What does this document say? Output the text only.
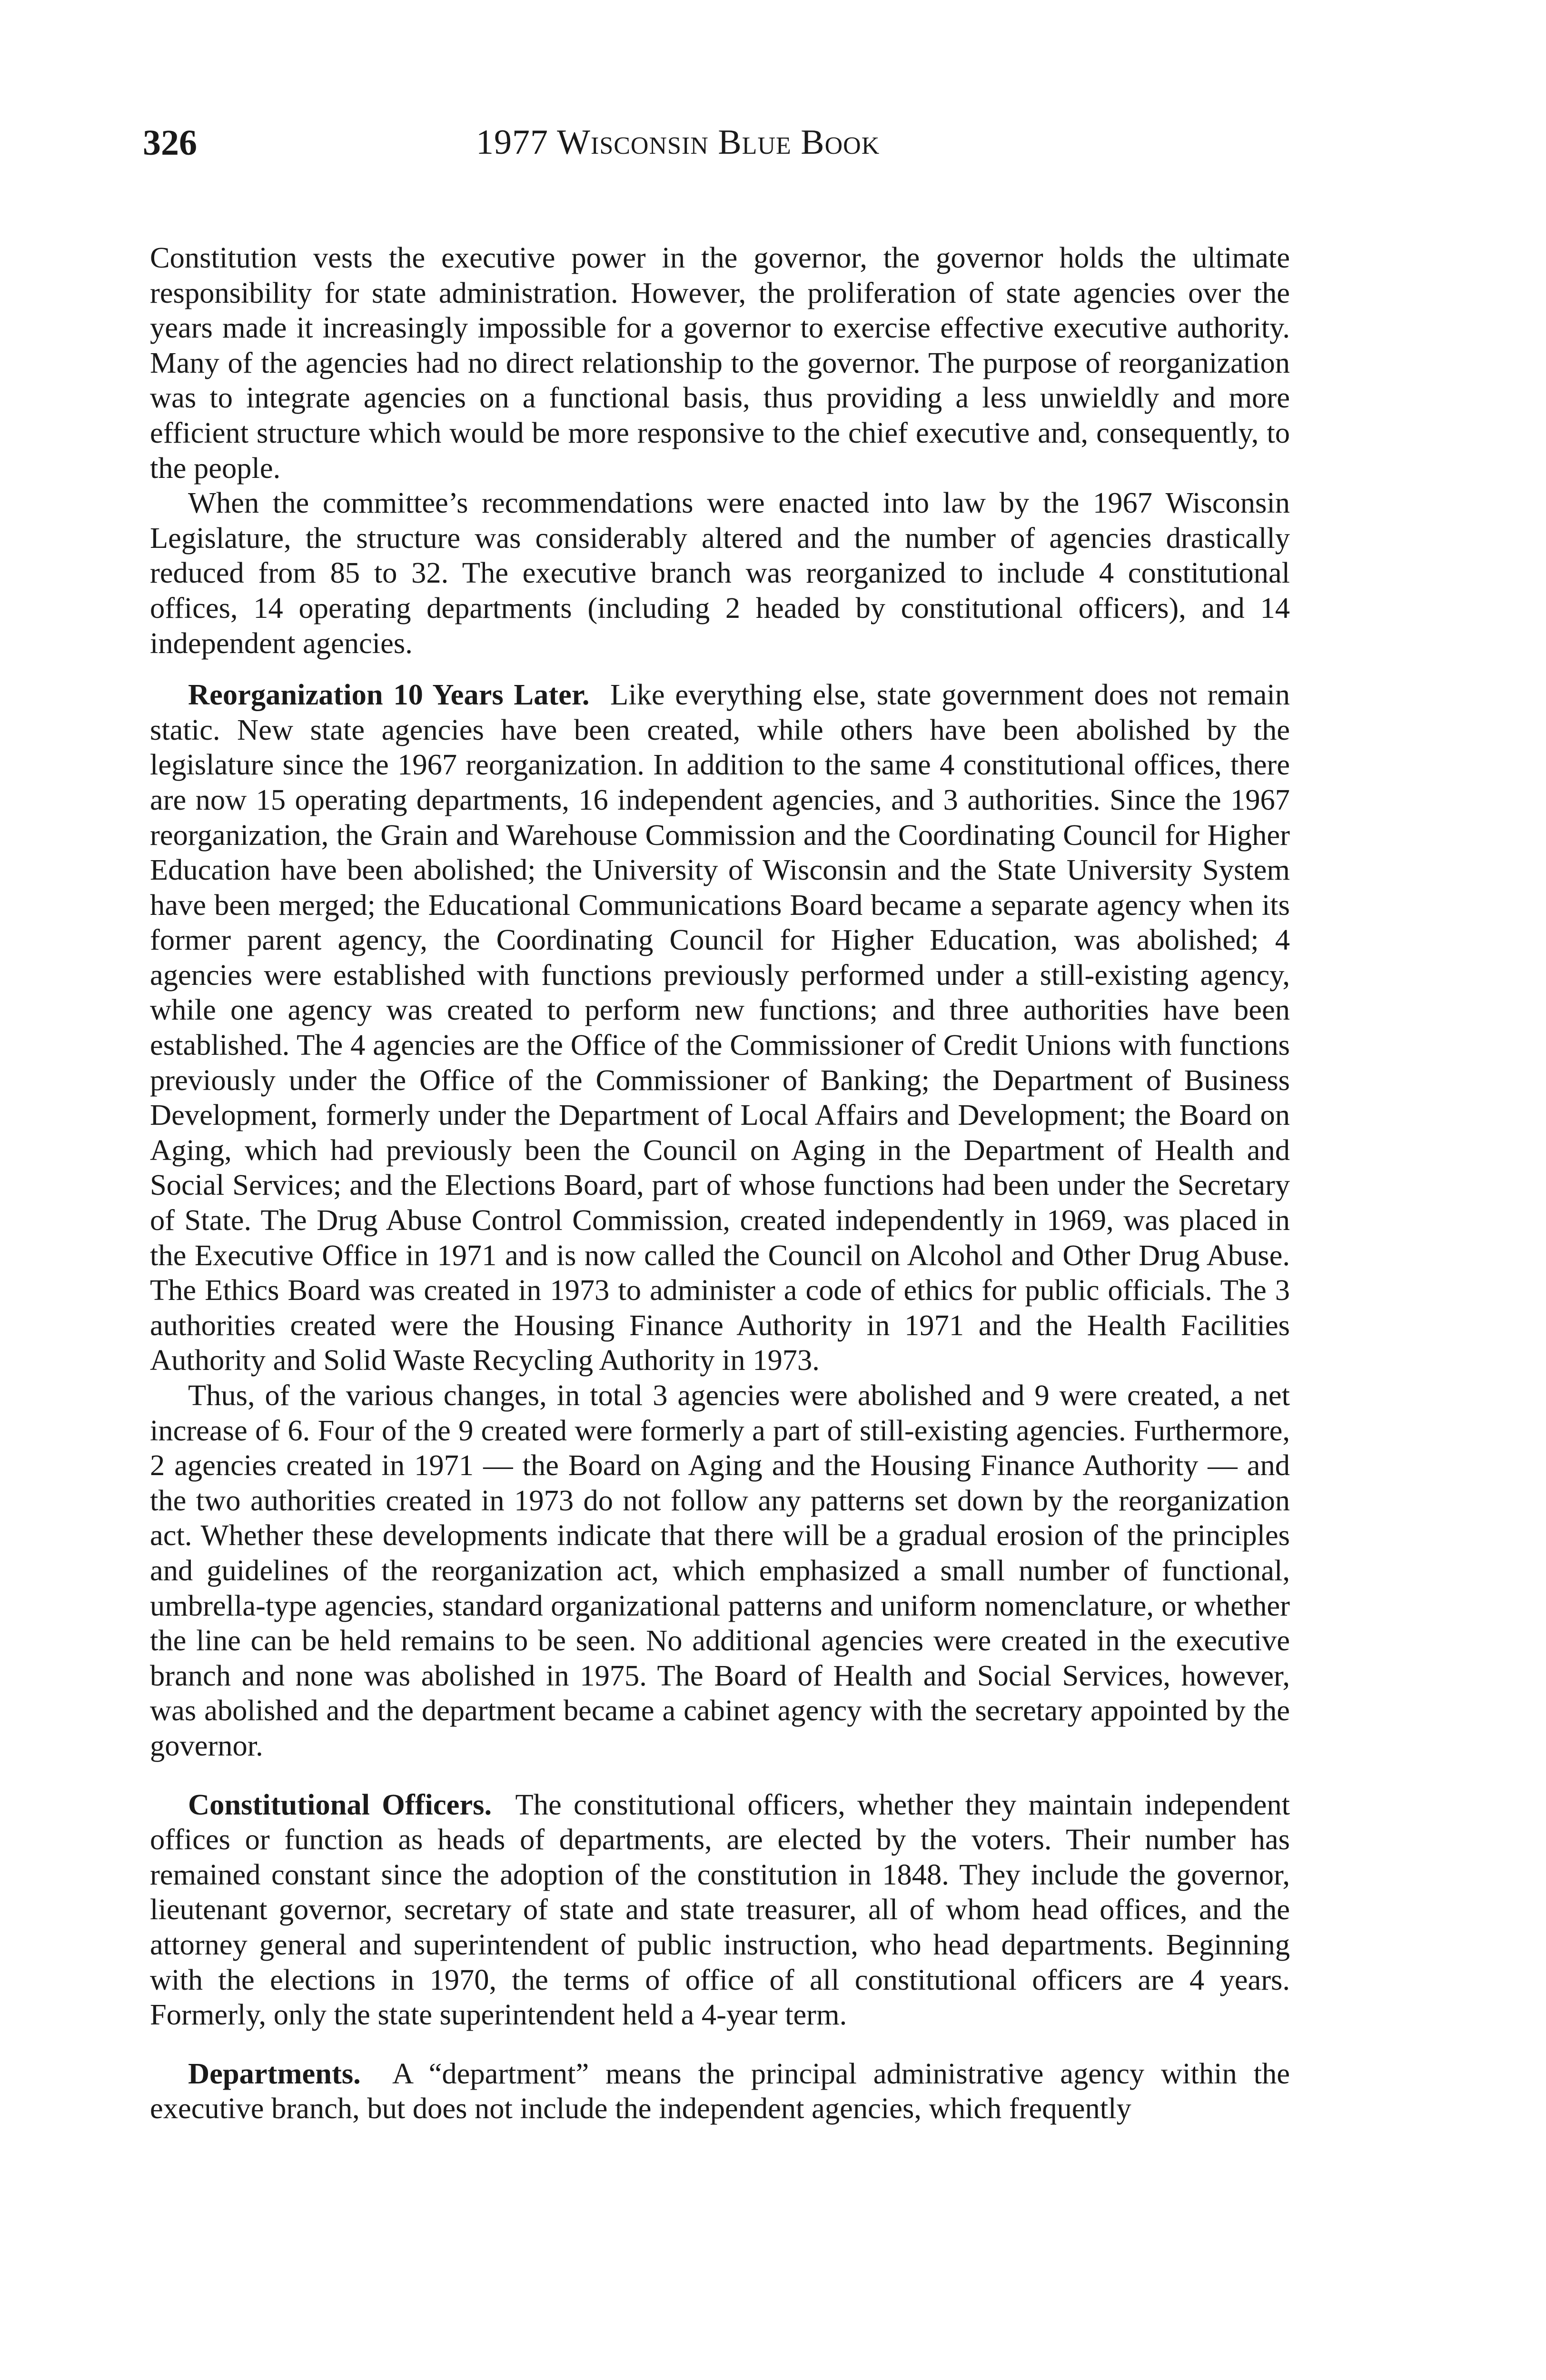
326	1977 Wisconsin Blue Book

Constitution vests the executive power in the governor, the governor holds the ultimate responsibility for state administration. However, the proliferation of state agencies over the years made it increasingly impossible for a governor to exercise effective executive authority. Many of the agencies had no direct relationship to the governor. The purpose of reorganization was to integrate agencies on a functional basis, thus providing a less unwieldly and more efficient structure which would be more responsive to the chief executive and, consequently, to the people.

When the committee’s recommendations were enacted into law by the 1967 Wisconsin Legislature, the structure was considerably altered and the number of agencies drastically reduced from 85 to 32. The executive branch was reorganized to include 4 constitutional offices, 14 operating departments (including 2 headed by constitutional officers), and 14 independent agencies.

Reorganization 10 Years Later.  Like everything else, state government does not remain static. New state agencies have been created, while others have been abolished by the legislature since the 1967 reorganization. In addition to the same 4 constitutional offices, there are now 15 operating departments, 16 independent agencies, and 3 authorities. Since the 1967 reorganization, the Grain and Warehouse Commission and the Coordinating Council for Higher Education have been abolished; the University of Wisconsin and the State University System have been merged; the Educational Communications Board became a separate agency when its former parent agency, the Coordinating Council for Higher Education, was abolished; 4 agencies were established with functions previously performed under a still-existing agency, while one agency was created to perform new functions; and three authorities have been established. The 4 agencies are the Office of the Commissioner of Credit Unions with functions previously under the Office of the Commissioner of Banking; the Department of Business Development, formerly under the Department of Local Affairs and Development; the Board on Aging, which had previously been the Council on Aging in the Department of Health and Social Services; and the Elections Board, part of whose functions had been under the Secretary of State. The Drug Abuse Control Commission, created independently in 1969, was placed in the Executive Office in 1971 and is now called the Council on Alcohol and Other Drug Abuse. The Ethics Board was created in 1973 to administer a code of ethics for public officials. The 3 authorities created were the Housing Finance Authority in 1971 and the Health Facilities Authority and Solid Waste Recycling Authority in 1973.

Thus, of the various changes, in total 3 agencies were abolished and 9 were created, a net increase of 6. Four of the 9 created were formerly a part of still-existing agencies. Furthermore, 2 agencies created in 1971 — the Board on Aging and the Housing Finance Authority — and the two authorities created in 1973 do not follow any patterns set down by the reorganization act. Whether these developments indicate that there will be a gradual erosion of the principles and guidelines of the reorganization act, which emphasized a small number of functional, umbrella-type agencies, standard organizational patterns and uniform nomenclature, or whether the line can be held remains to be seen. No additional agencies were created in the executive branch and none was abolished in 1975. The Board of Health and Social Services, however, was abolished and the department became a cabinet agency with the secretary appointed by the governor.

Constitutional Officers.  The constitutional officers, whether they maintain independent offices or function as heads of departments, are elected by the voters. Their number has remained constant since the adoption of the constitution in 1848. They include the governor, lieutenant governor, secretary of state and state treasurer, all of whom head offices, and the attorney general and superintendent of public instruction, who head departments. Beginning with the elections in 1970, the terms of office of all constitutional officers are 4 years. Formerly, only the state superintendent held a 4-year term.

Departments.  A “department” means the principal administrative agency within the executive branch, but does not include the independent agencies, which frequently
